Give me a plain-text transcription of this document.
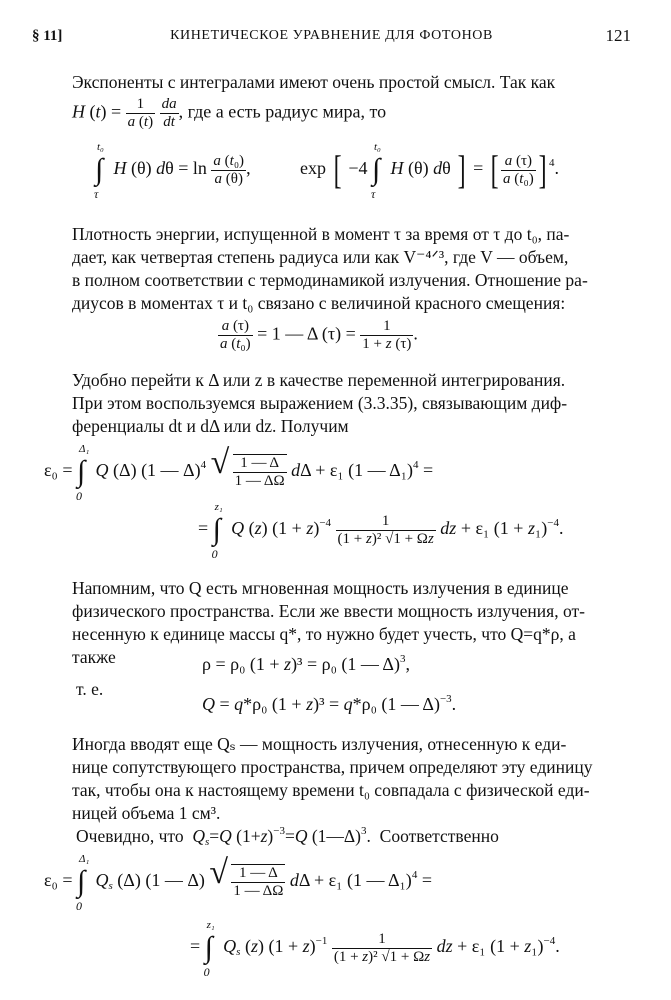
§ 11]	КИНЕТИЧЕСКОЕ УРАВНЕНИЕ ДЛЯ ФОТОНОВ	121
Экспоненты с интегралами имеют очень простой смысл. Так как
H $(t) = \frac{1}{a (t)}$
$\frac{da}{dt}$ , где a есть радиус мира, то
t₀
∫
τ
H (θ) $d\theta = \ln \frac{\text{a (t₀)}}{a (\theta)}$ ,	exp [ −4
t₀
∫
τ
H (θ) dθ ] = [ $\frac{a (\tau)}{\text{a (t₀)}}$ ] $^4$.
Плотность энергии, испущенной в момент τ за время от τ до t₀, па-
дает, как четвертая степень радиуса или как V⁻⁴ᐟ³, где V — объем,
в полном соответствии с термодинамикой излучения. Отношение ра-
диусов в моментах τ и t₀ связано с величиной красного смещения:
$\frac{a (\tau)}{\text{a (t₀)}} = 1$ — Δ $(\tau) = \frac{1}{1 + z (\tau)}$ .
Удобно перейти к Δ или z в качестве переменной интегрирования.
При этом воспользуемся выражением (3.3.35), связывающим диф-
ференциалы dt и dΔ или dz. Получим
ε₀ =
Δ₁
∫
0
Q (Δ) (1 — Δ)$^4$ √ $\frac{1 — \Delta}{1 — \Delta\Omega}$ dΔ + ε₁ (1 — Δ₁)$^4$ =
=
z₁
∫
0
Q (z) $(1 + z)^{-4} \frac{1}{\text{(1 + z)² √1 + Ωz}}$ dz + ε₁ $(1 + z_1)^{-4}$.
Напомним, что Q есть мгновенная мощность излучения в единице
физического пространства. Если же ввести мощность излучения, от-
несенную к единице массы q*, то нужно будет учесть, что Q=q*ρ, а
также	ρ = ρ₀ (1 + z)³ = ρ₀ (1 — Δ)$^3$,
т. е.
Q = q*ρ₀ (1 + z)³ = q*ρ₀ (1 — Δ)$^{-3}$.
Иногда вводят еще Qₛ — мощность излучения, отнесенную к еди-
ницe сопутствующего пространства, причем определяют эту единицу
так, чтобы она к настоящему времени t₀ совпадала с физической еди-
ницей объема 1 см³.
Очевидно, что $Q_s=Q$ $(1+z)^{-3}=Q$ (1—Δ)$^3$.  Соответственно
ε₀ =
Δ₁
∫
0
$Q_s$ (Δ) (1 — Δ) √ $\frac{1 — \Delta}{1 — \Delta\Omega}$ dΔ + ε₁ (1 — Δ₁)$^4$ =
=
z₁
∫
0
$Q_s$ (z) $(1 + z)^{-1} \frac{1}{\text{(1 + z)² √1 + Ωz}}$ dz + ε₁ $(1 + z_1)^{-4}$.
